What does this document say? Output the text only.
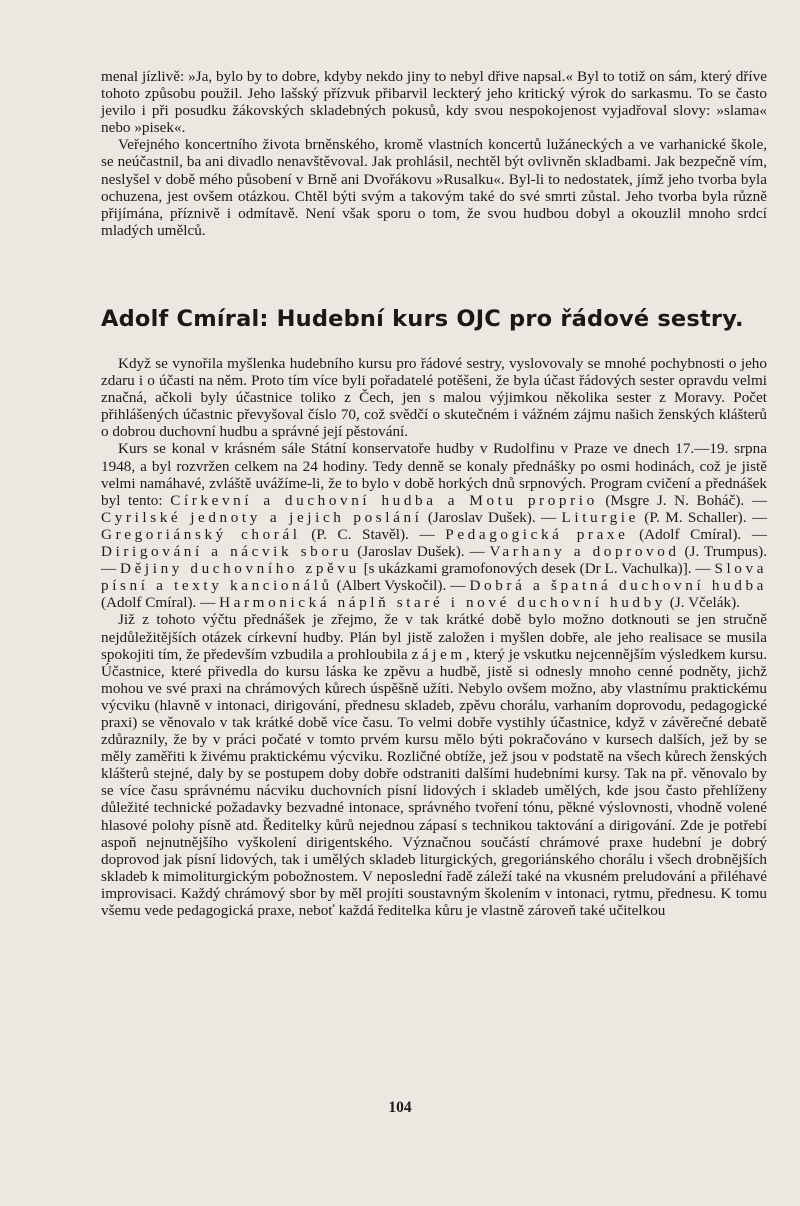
menal jízlivě: »Ja, bylo by to dobre, kdyby nekdo jiny to nebyl dřive napsal.« Byl to totiž on sám, který dříve tohoto způsobu použil. Jeho lašský přízvuk přibarvil leckterý jeho kritický výrok do sarkasmu. To se často jevilo i při posudku žákovských skladebných pokusů, kdy svou nespokojenost vyjadřoval slovy: »slama« nebo »pisek«.

Veřejného koncertního života brněnského, kromě vlastních koncertů lužáneckých a ve varhanické škole, se neúčastnil, ba ani divadlo nenavštěvoval. Jak prohlásil, nechtěl být ovlivněn skladbami. Jak bezpečně vím, neslyšel v době mého působení v Brně ani Dvořákovu »Rusalku«. Byl-li to nedostatek, jímž jeho tvorba byla ochuzena, jest ovšem otázkou. Chtěl býti svým a takovým také do své smrti zůstal. Jeho tvorba byla různě přijímána, příznivě i odmítavě. Není však sporu o tom, že svou hudbou dobyl a okouzlil mnoho srdcí mladých umělců.

Adolf Cmíral: Hudební kurs OJC pro řádové sestry.

Když se vynořila myšlenka hudebního kursu pro řádové sestry, vyslovovaly se mnohé pochybnosti o jeho zdaru i o účasti na něm. Proto tím více byli pořadatelé potěšeni, že byla účast řádových sester opravdu velmi značná, ačkoli byly účastnice toliko z Čech, jen s malou výjimkou několika sester z Moravy. Počet přihlášených účastnic převyšoval číslo 70, což svědčí o skutečném i vážném zájmu našich ženských klášterů o dobrou duchovní hudbu a správné její pěstování.

Kurs se konal v krásném sále Státní konservatoře hudby v Rudolfinu v Praze ve dnech 17.—19. srpna 1948, a byl rozvržen celkem na 24 hodiny. Tedy denně se konaly přednášky po osmi hodinách, což je jistě velmi namáhavé, zvláště uvážíme-li, že to bylo v době horkých dnů srpnových. Program cvičení a přednášek byl tento: Církevní a duchovní hudba a Motu proprio (Msgre J. N. Boháč). — Cyrilské jednoty a jejich poslání (Jaroslav Dušek). — Liturgie (P. M. Schaller). — Gregoriánský chorál (P. C. Stavěl). — Pedagogická praxe (Adolf Cmíral). — Dirigování a nácvik sboru (Jaroslav Dušek). — Varhany a doprovod (J. Trumpus). — Dějiny duchovního zpěvu [s ukázkami gramofonových desek (Dr L. Vachulka)]. — Slova písní a texty kancionálů (Albert Vyskočil). — Dobrá a špatná duchovní hudba (Adolf Cmíral). — Harmonická náplň staré i nové duchovní hudby (J. Včelák).

Již z tohoto výčtu přednášek je zřejmo, že v tak krátké době bylo možno dotknouti se jen stručně nejdůležitějších otázek církevní hudby. Plán byl jistě založen i myšlen dobře, ale jeho realisace se musila spokojiti tím, že především vzbudila a prohloubila zájem, který je vskutku nejcennějším výsledkem kursu. Účastnice, které přivedla do kursu láska ke zpěvu a hudbě, jistě si odnesly mnoho cenné podněty, jichž mohou ve své praxi na chrámových kůrech úspěšně užíti. Nebylo ovšem možno, aby vlastnímu praktickému výcviku (hlavně v intonaci, dirigování, přednesu skladeb, zpěvu chorálu, varhaním doprovodu, pedagogické praxi) se věnovalo v tak krátké době více času. To velmi dobře vystihly účastnice, když v závěrečné debatě zdůraznily, že by v práci počaté v tomto prvém kursu mělo býti pokračováno v kursech dalších, jež by se měly zaměřiti k živému praktickému výcviku. Rozličné obtíže, jež jsou v podstatě na všech kůrech ženských klášterů stejné, daly by se postupem doby dobře odstraniti dalšími hudebními kursy. Tak na př. věnovalo by se více času správnému nácviku duchovních písní lidových i skladeb umělých, kde jsou často přehlíženy důležité technické požadavky bezvadné intonace, správného tvoření tónu, pěkné výslovnosti, vhodně volené hlasové polohy písně atd. Ředitelky kůrů nejednou zápasí s technikou taktování a dirigování. Zde je potřebí aspoň nejnutnějšího vyškolení dirigentského. Význačnou součástí chrámové praxe hudební je dobrý doprovod jak písní lidových, tak i umělých skladeb liturgických, gregoriánského chorálu i všech drobnějších skladeb k mimoliturgickým pobožnostem. V neposlední řadě záleží také na vkusném preludování a přiléhavé improvisaci. Každý chrámový sbor by měl projíti soustavným školením v intonaci, rytmu, přednesu. K tomu všemu vede pedagogická praxe, neboť každá ředitelka kůru je vlastně zároveň také učitelkou

104
